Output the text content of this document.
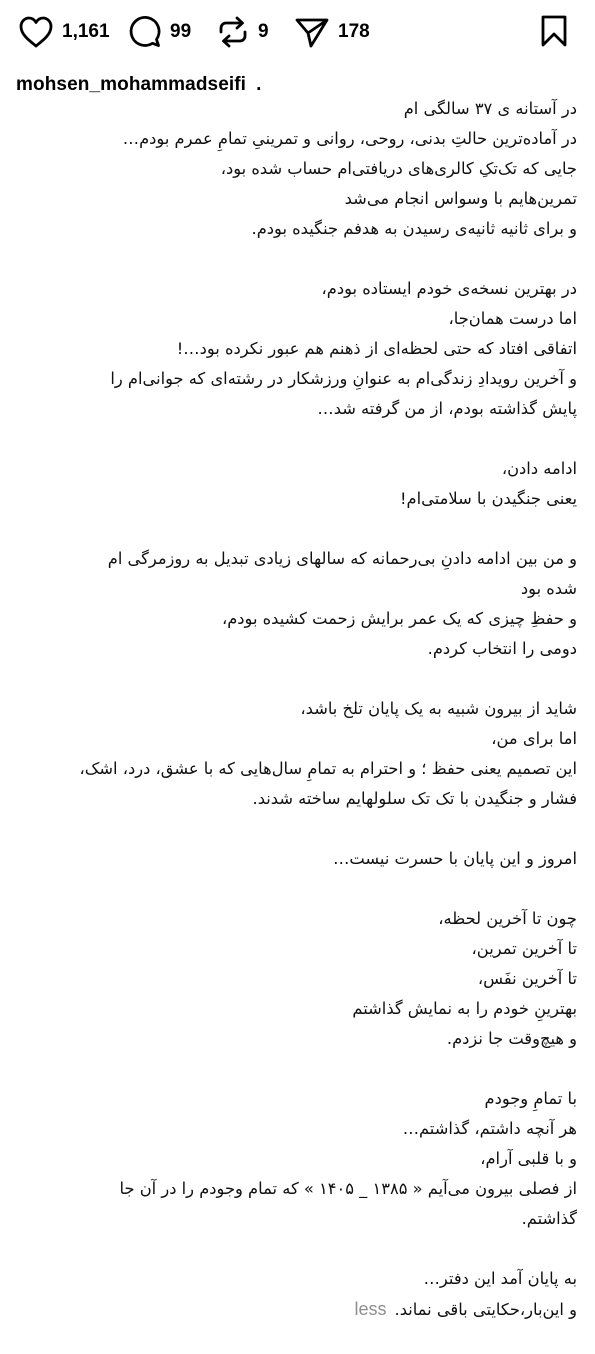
1,161	99	9	178
mohsen_mohammadseifi .
در آستانه ی ۳۷ سالگی ام
در آماده‌ترین حالتِ بدنی، روحی، روانی و تمرینیِ تمامِ عمرم بودم…
جایی که تک‌تکِ کالری‌های دریافتی‌ام حساب شده بود،
تمرین‌هایم با وسواس انجام می‌شد
و برای ثانیه ثانیه‌ی رسیدن به هدفم جنگیده بودم.
در بهترین نسخه‌ی خودم ایستاده بودم،
اما درست همان‌جا،
اتفاقی افتاد که حتی لحظه‌ای از ذهنم هم عبور نکرده بود…!
و آخرین رویدادِ زندگی‌ام به عنوانِ ورزشکار در رشته‌ای که جوانی‌ام را
پایش گذاشته بودم، از من گرفته شد…
ادامه دادن،
یعنی جنگیدن با سلامتی‌ام!
و من بین ادامه دادنِ بی‌رحمانه که سالهای زیادی تبدیل به روزمرگی ام
شده بود
و حفظِ چیزی که یک عمر برایش زحمت کشیده بودم،
دومی را انتخاب کردم.
شاید از بیرون شبیه به یک پایان تلخ باشد،
اما برای من،
این تصمیم یعنی حفظ ؛ و احترام به تمامِ سال‌هایی که با عشق، درد، اشک،
فشار و جنگیدن با تک تک سلولهایم ساخته شدند.
امروز و این پایان با حسرت نیست…
چون تا آخرین لحظه،
تا آخرین تمرین،
تا آخرین نفَس،
بهترینِ خودم را به نمایش گذاشتم
و هیچ‌وقت جا نزدم.
با تمامِ وجودم
هر آنچه داشتم، گذاشتم…
و با قلبی آرام،
از فصلی بیرون می‌آیم « ۱۳۸۵ _ ۱۴۰۵ » که تمام وجودم را در آن جا
گذاشتم.
به پایان آمد این دفتر…
و این‌بار،حکایتی باقی نماند.less
